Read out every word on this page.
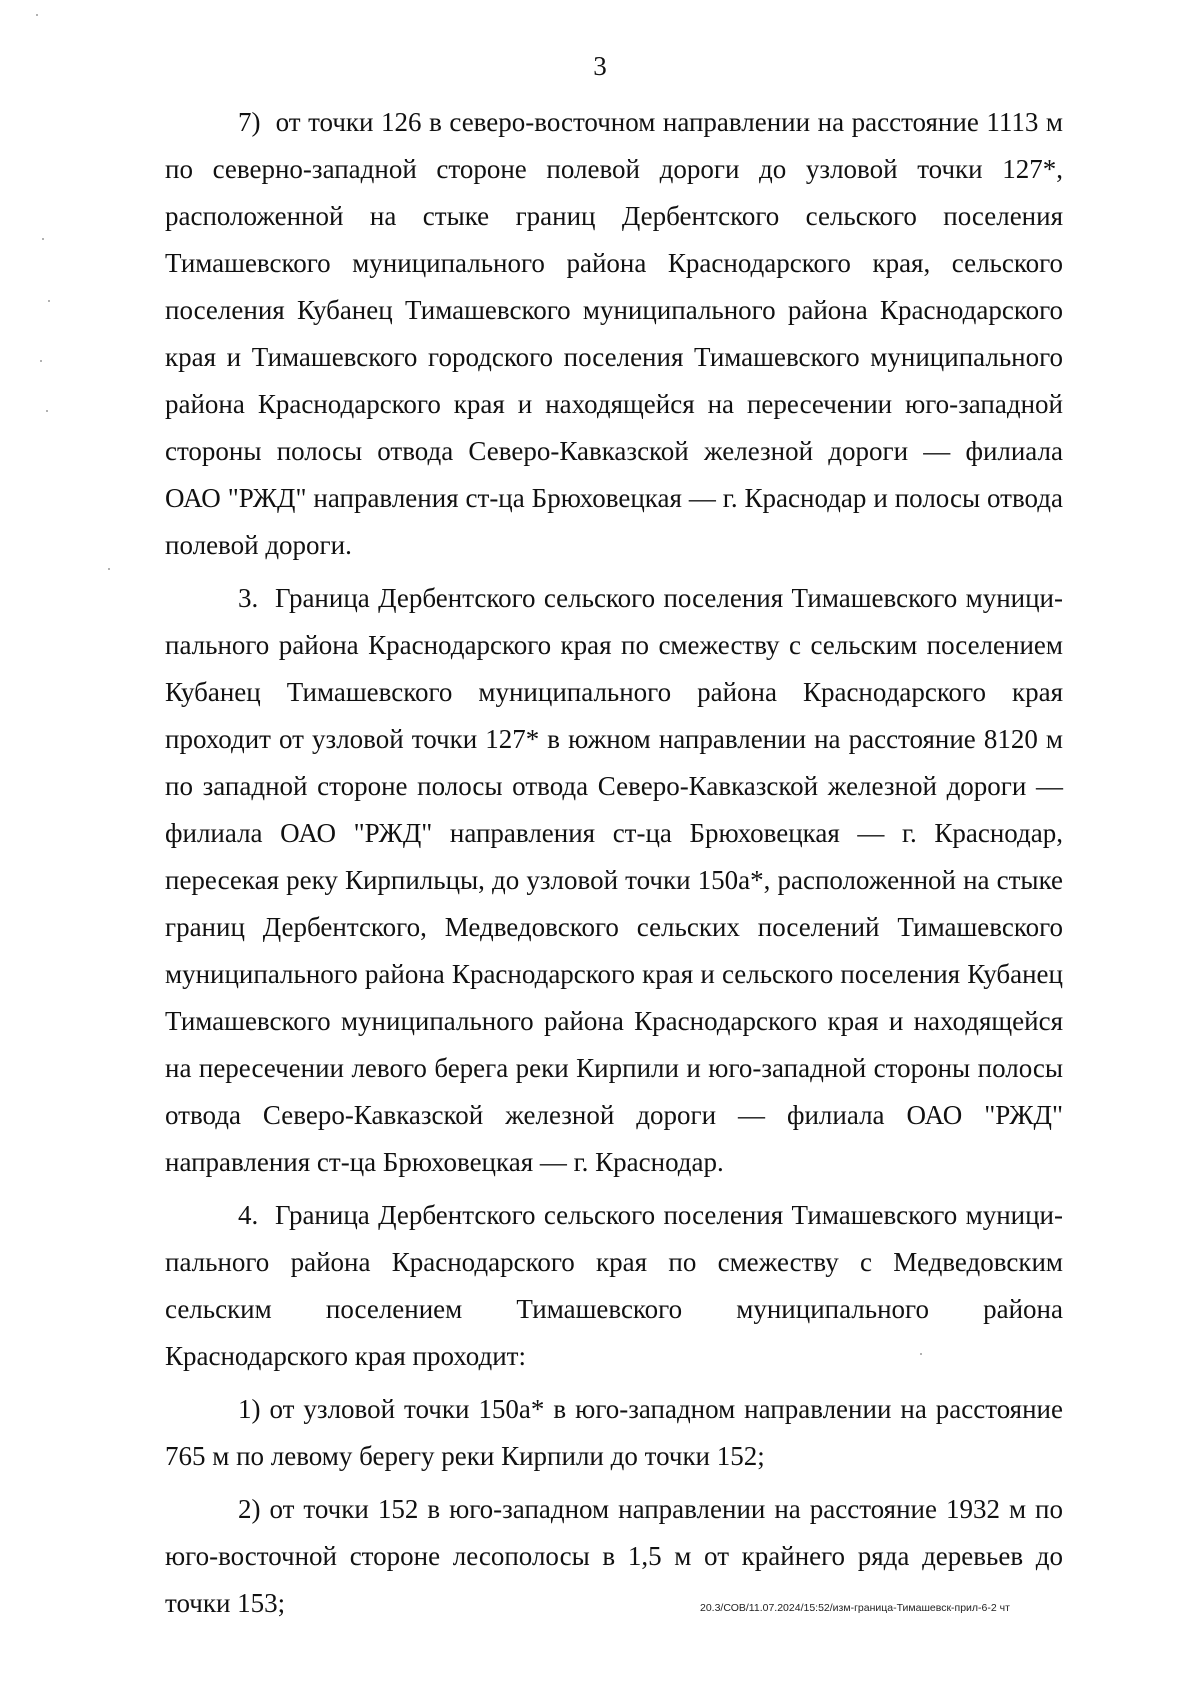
3

7)  от точки 126 в северо-восточном направлении на расстояние 1113 м по северно-западной стороне полевой дороги до узловой точки 127*, расположенной на стыке границ Дербентского сельского поселения Тимашевского муниципального района Краснодарского края, сельского поселения Кубанец Тимашевского муниципального района Краснодарского края и Тимашевского городского поселения Тимашевского муниципального района Краснодарского края и находящейся на пересечении юго-западной стороны полосы отвода Северо-Кавказской железной дороги — филиала ОАО "РЖД" направления ст-ца Брюховецкая — г. Краснодар и полосы отвода полевой дороги.

3.  Граница Дербентского сельского поселения Тимашевского муниципального района Краснодарского края по смежеству с сельским поселением Кубанец Тимашевского муниципального района Краснодарского края проходит от узловой точки 127* в южном направлении на расстояние 8120 м по западной стороне полосы отвода Северо-Кавказской железной дороги — филиала ОАО "РЖД" направления ст-ца Брюховецкая — г. Краснодар, пересекая реку Кирпильцы, до узловой точки 150а*, расположенной на стыке границ Дербентского, Медведовского сельских поселений Тимашевского муниципального района Краснодарского края и сельского поселения Кубанец Тимашевского муниципального района Краснодарского края и находящейся на пересечении левого берега реки Кирпили и юго-западной стороны полосы отвода Северо-Кавказской железной дороги — филиала ОАО "РЖД" направления ст-ца Брюховецкая — г. Краснодар.

4.  Граница Дербентского сельского поселения Тимашевского муниципального района Краснодарского края по смежеству с Медведовским сельским поселением Тимашевского муниципального района Краснодарского края проходит:

1) от узловой точки 150а* в юго-западном направлении на расстояние 765 м по левому берегу реки Кирпили до точки 152;

2) от точки 152 в юго-западном направлении на расстояние 1932 м по юго-восточной стороне лесополосы в 1,5 м от крайнего ряда деревьев до точки 153;	20.3/СОВ/11.07.2024/15:52/изм-граница-Тимашевск-прил-6-2 чт
